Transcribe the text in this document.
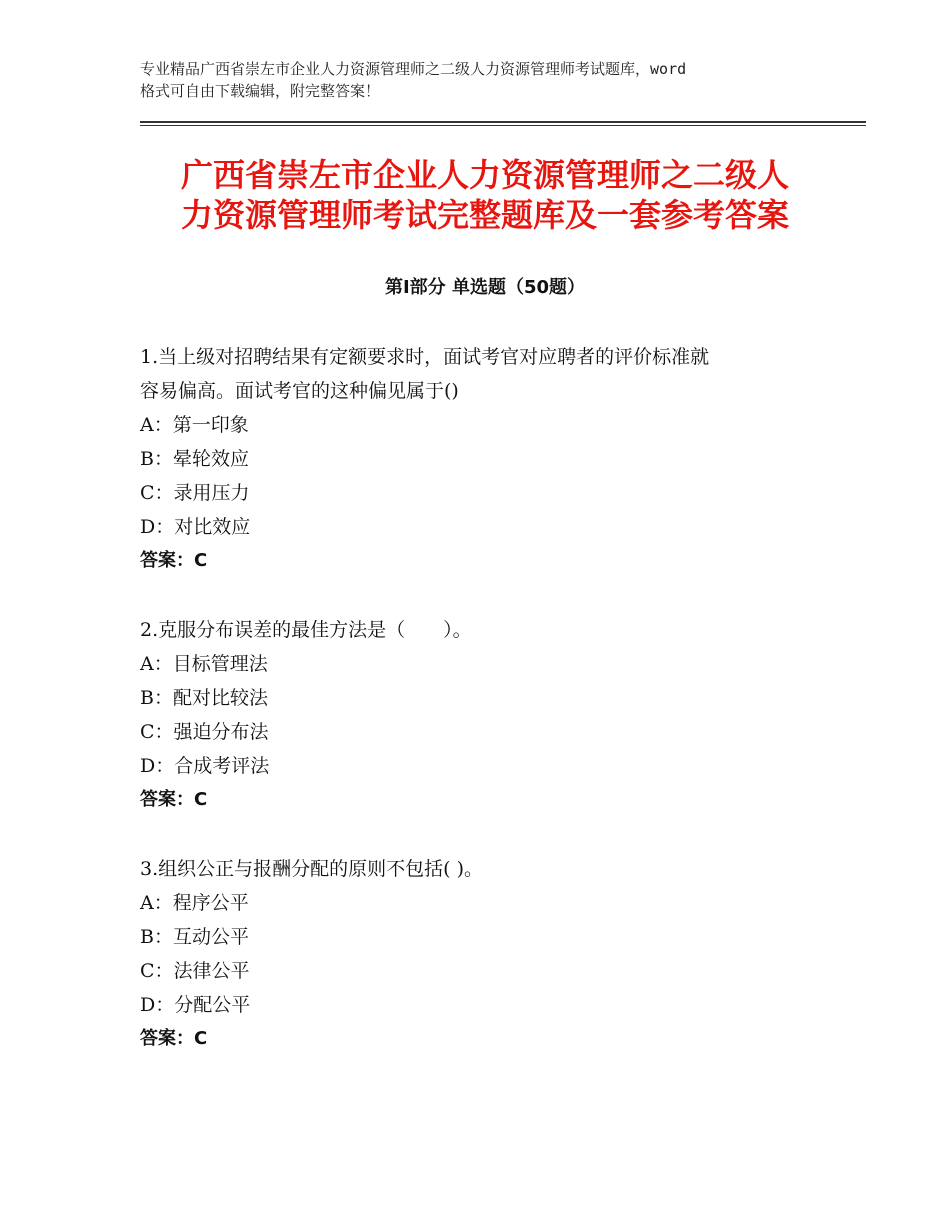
专业精品广西省崇左市企业人力资源管理师之二级人力资源管理师考试题库，word
格式可自由下载编辑，附完整答案！
广西省崇左市企业人力资源管理师之二级人
力资源管理师考试完整题库及一套参考答案
第Ⅰ部分 单选题（50题）
1.当上级对招聘结果有定额要求时，面试考官对应聘者的评价标准就
容易偏高。面试考官的这种偏见属于()
A：第一印象
B：晕轮效应
C：录用压力
D：对比效应
答案：C
2.克服分布误差的最佳方法是（　　）。
A：目标管理法
B：配对比较法
C：强迫分布法
D：合成考评法
答案：C
3.组织公正与报酬分配的原则不包括( )。
A：程序公平
B：互动公平
C：法律公平
D：分配公平
答案：C
